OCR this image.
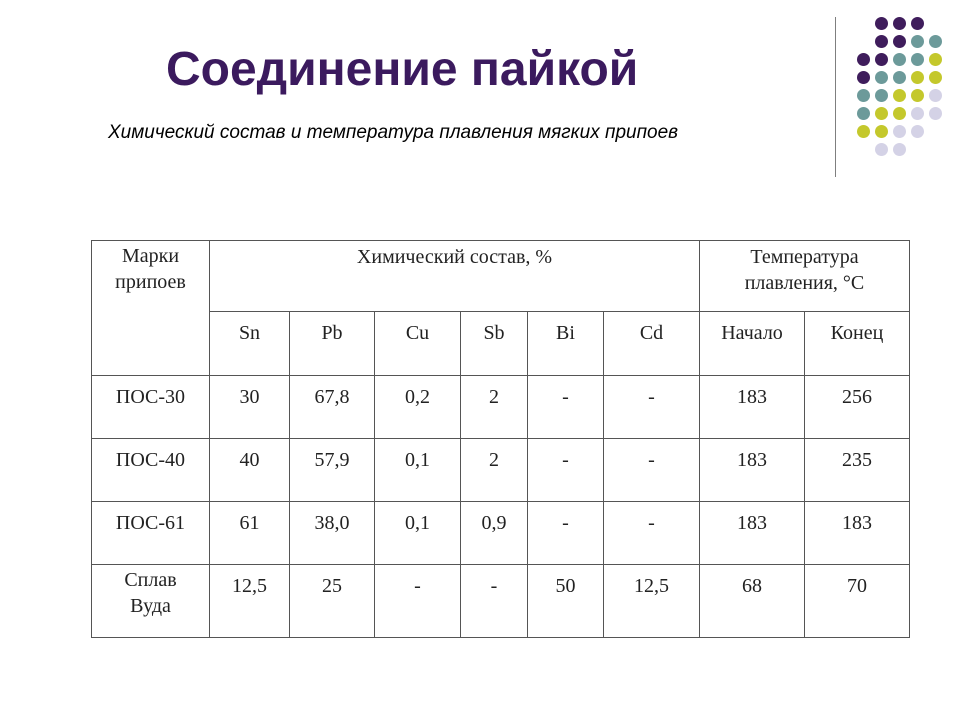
Соединение пайкой
Химический состав и температура плавления мягких припоев
Марки припоев	Химический состав, %						Температура плавления, °С	

	Sn	Pb	Cu	Sb	Bi	Cd	Начало	Конец

ПОС-30	30	67,8	0,2	2	-	-	183	256

ПОС-40	40	57,9	0,1	2	-	-	183	235

ПОС-61	61	38,0	0,1	0,9	-	-	183	183

Сплав Вуда	12,5	25	-	-	50	12,5	68	70
